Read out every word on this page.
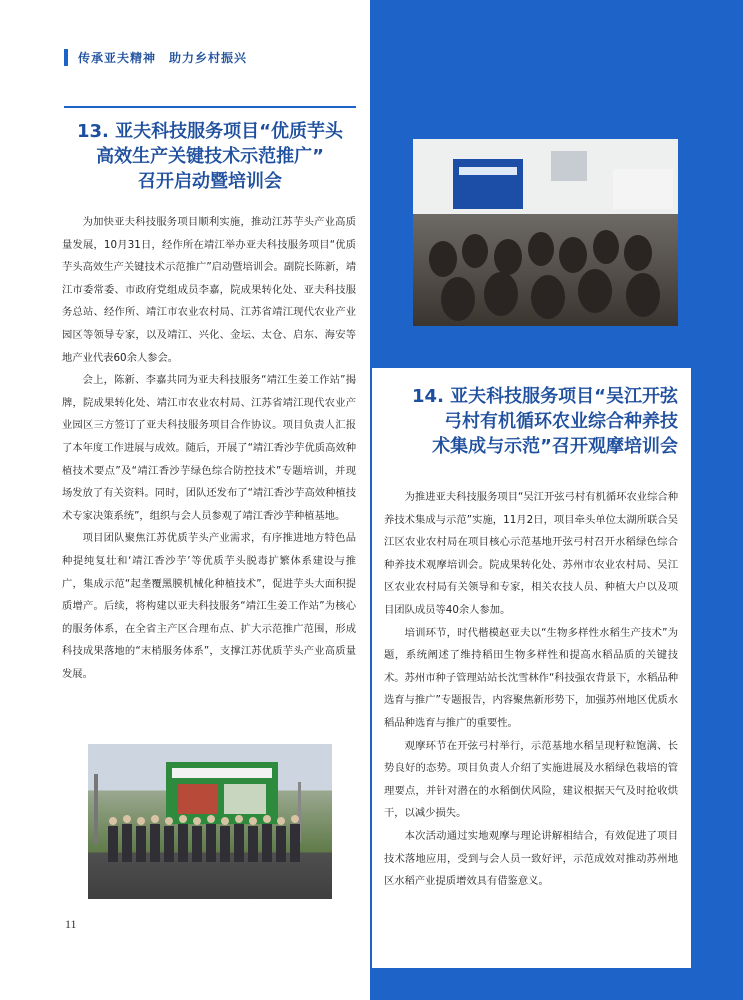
传承亚夫精神　助力乡村振兴
13. 亚夫科技服务项目“优质芋头
高效生产关键技术示范推广”
召开启动暨培训会

为加快亚夫科技服务项目顺利实施，推动江苏芋头产业高质量发展，10月31日，经作所在靖江举办亚夫科技服务项目“优质芋头高效生产关键技术示范推广”启动暨培训会。副院长陈新，靖江市委常委、市政府党组成员李嘉，院成果转化处、亚夫科技服务总站、经作所、靖江市农业农村局、江苏省靖江现代农业产业园区等领导专家，以及靖江、兴化、金坛、太仓、启东、海安等地产业代表60余人参会。

会上，陈新、李嘉共同为亚夫科技服务“靖江生姜工作站”揭牌，院成果转化处、靖江市农业农村局、江苏省靖江现代农业产业园区三方签订了亚夫科技服务项目合作协议。项目负责人汇报了本年度工作进展与成效。随后，开展了“靖江香沙芋优质高效种植技术要点”及“靖江香沙芋绿色综合防控技术”专题培训，并现场发放了有关资料。同时，团队还发布了“靖江香沙芋高效种植技术专家决策系统”，组织与会人员参观了靖江香沙芋种植基地。

项目团队聚焦江苏优质芋头产业需求，有序推进地方特色品种提纯复壮和‘靖江香沙芋’等优质芋头脱毒扩繁体系建设与推广，集成示范“起垄覆黑膜机械化种植技术”，促进芋头大面积提质增产。后续，将构建以亚夫科技服务“靖江生姜工作站”为核心的服务体系，在全省主产区合理布点、扩大示范推广范围，形成科技成果落地的“末梢服务体系”，支撑江苏优质芋头产业高质量发展。

11
14. 亚夫科技服务项目“吴江开弦
弓村有机循环农业综合种养技
术集成与示范”召开观摩培训会

为推进亚夫科技服务项目“吴江开弦弓村有机循环农业综合种养技术集成与示范”实施，11月2日，项目牵头单位太湖所联合吴江区农业农村局在项目核心示范基地开弦弓村召开水稻绿色综合种养技术观摩培训会。院成果转化处、苏州市农业农村局、吴江区农业农村局有关领导和专家，相关农技人员、种植大户以及项目团队成员等40余人参加。

培训环节，时代楷模赵亚夫以“生物多样性水稻生产技术”为题，系统阐述了维持稻田生物多样性和提高水稻品质的关键技术。苏州市种子管理站站长沈雪林作“科技强农背景下，水稻品种选育与推广”专题报告，内容聚焦新形势下，加强苏州地区优质水稻品种选育与推广的重要性。

观摩环节在开弦弓村举行，示范基地水稻呈现籽粒饱满、长势良好的态势。项目负责人介绍了实施进展及水稻绿色栽培的管理要点，并针对潜在的水稻倒伏风险，建议根据天气及时抢收烘干，以减少损失。

本次活动通过实地观摩与理论讲解相结合，有效促进了项目技术落地应用，受到与会人员一致好评，示范成效对推动苏州地区水稻产业提质增效具有借鉴意义。
